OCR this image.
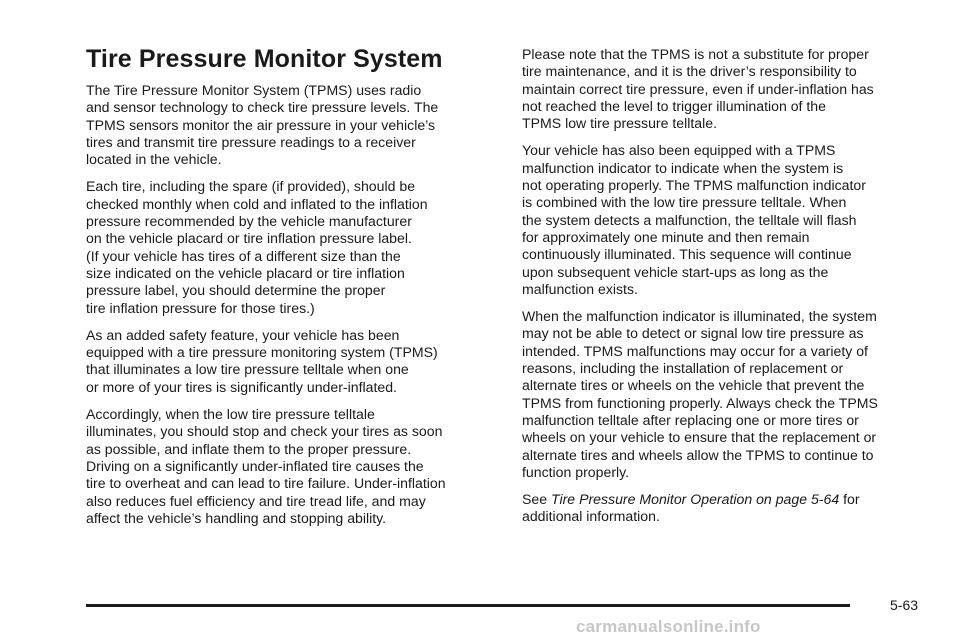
Tire Pressure Monitor System

The Tire Pressure Monitor System (TPMS) uses radio
and sensor technology to check tire pressure levels. The
TPMS sensors monitor the air pressure in your vehicle’s
tires and transmit tire pressure readings to a receiver
located in the vehicle.

Each tire, including the spare (if provided), should be
checked monthly when cold and inflated to the inflation
pressure recommended by the vehicle manufacturer
on the vehicle placard or tire inflation pressure label.
(If your vehicle has tires of a different size than the
size indicated on the vehicle placard or tire inflation
pressure label, you should determine the proper
tire inflation pressure for those tires.)

As an added safety feature, your vehicle has been
equipped with a tire pressure monitoring system (TPMS)
that illuminates a low tire pressure telltale when one
or more of your tires is significantly under-inflated.

Accordingly, when the low tire pressure telltale
illuminates, you should stop and check your tires as soon
as possible, and inflate them to the proper pressure.
Driving on a significantly under-inflated tire causes the
tire to overheat and can lead to tire failure. Under-inflation
also reduces fuel efficiency and tire tread life, and may
affect the vehicle’s handling and stopping ability.

Please note that the TPMS is not a substitute for proper
tire maintenance, and it is the driver’s responsibility to
maintain correct tire pressure, even if under-inflation has
not reached the level to trigger illumination of the
TPMS low tire pressure telltale.

Your vehicle has also been equipped with a TPMS
malfunction indicator to indicate when the system is
not operating properly. The TPMS malfunction indicator
is combined with the low tire pressure telltale. When
the system detects a malfunction, the telltale will flash
for approximately one minute and then remain
continuously illuminated. This sequence will continue
upon subsequent vehicle start-ups as long as the
malfunction exists.

When the malfunction indicator is illuminated, the system
may not be able to detect or signal low tire pressure as
intended. TPMS malfunctions may occur for a variety of
reasons, including the installation of replacement or
alternate tires or wheels on the vehicle that prevent the
TPMS from functioning properly. Always check the TPMS
malfunction telltale after replacing one or more tires or
wheels on your vehicle to ensure that the replacement or
alternate tires and wheels allow the TPMS to continue to
function properly.

See Tire Pressure Monitor Operation on page 5-64 for
additional information.

5-63
carmanualsonline.info
